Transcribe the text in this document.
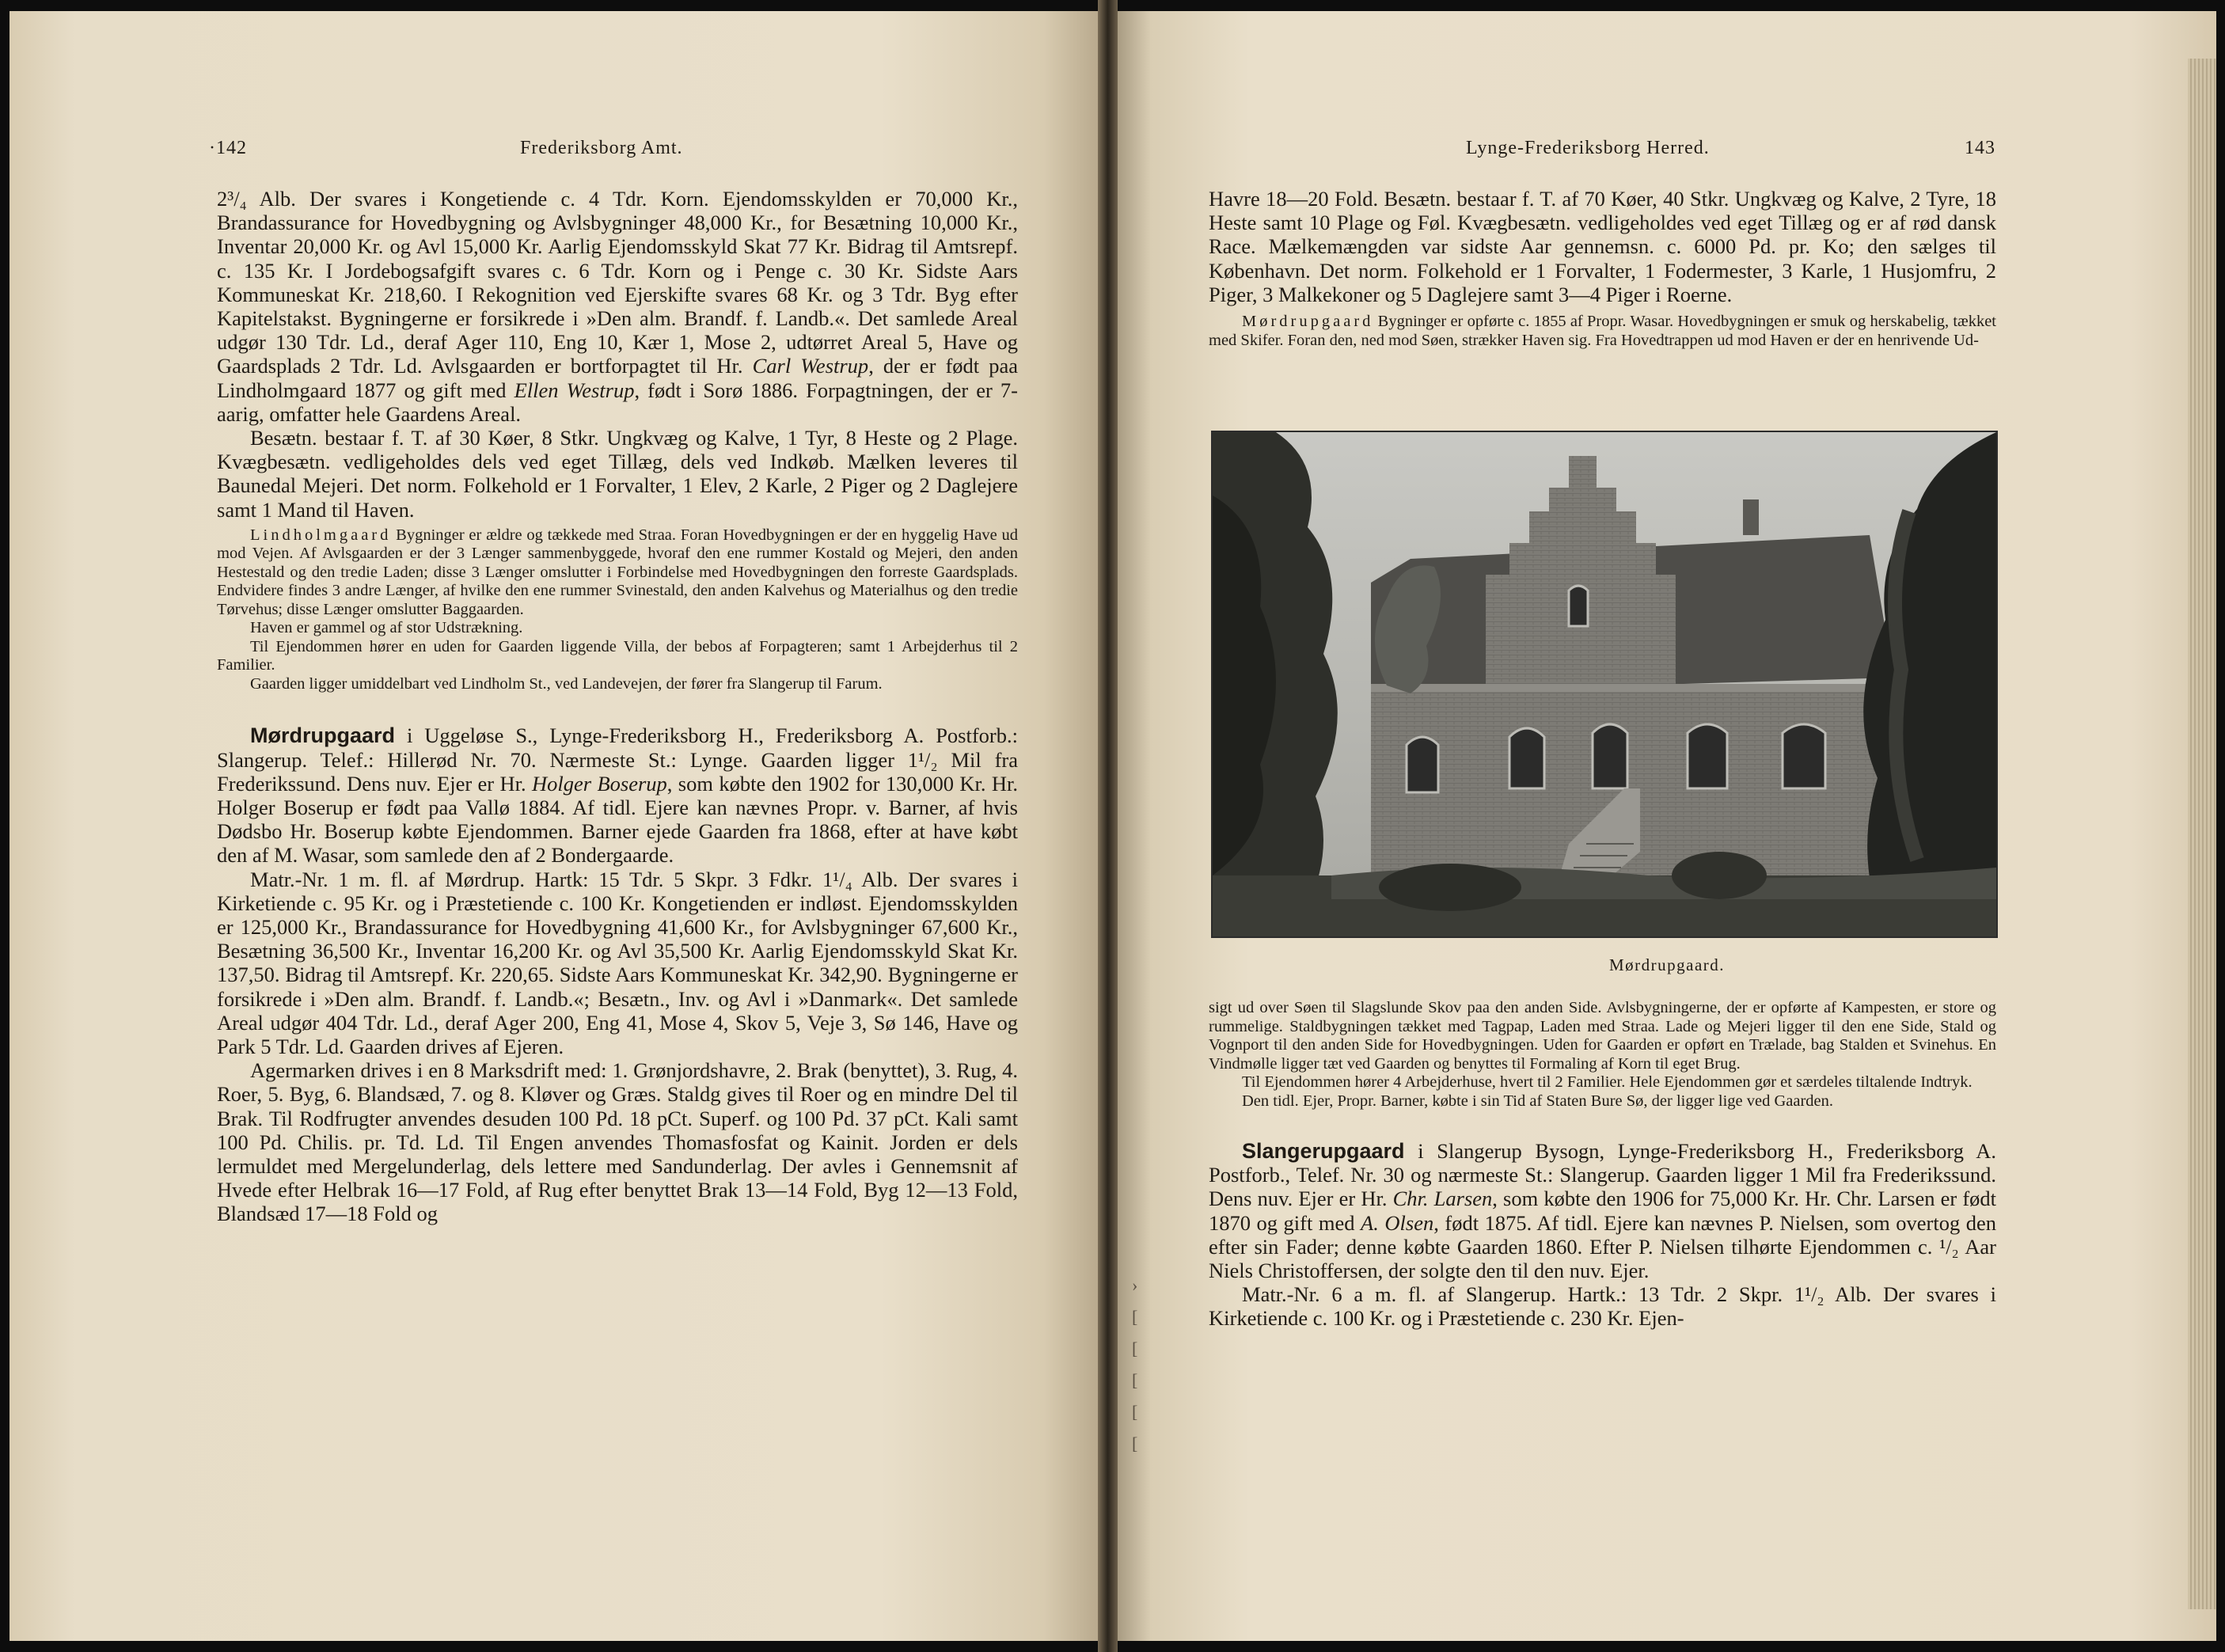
·142	Frederiksborg Amt.

2³/₄ Alb. Der svares i Kongetiende c. 4 Tdr. Korn. Ejendomsskylden er 70,000 Kr., Brandassurance for Hovedbygning og Avlsbygninger 48,000 Kr., for Besætning 10,000 Kr., Inventar 20,000 Kr. og Avl 15,000 Kr. Aarlig Ejendomsskyld Skat 77 Kr. Bidrag til Amtsrepf. c. 135 Kr. I Jordebogsafgift svares c. 6 Tdr. Korn og i Penge c. 30 Kr. Sidste Aars Kommuneskat Kr. 218,60. I Rekognition ved Ejerskifte svares 68 Kr. og 3 Tdr. Byg efter Kapitelstakst. Bygningerne er forsikrede i »Den alm. Brandf. f. Landb.«. Det samlede Areal udgør 130 Tdr. Ld., deraf Ager 110, Eng 10, Kær 1, Mose 2, udtørret Areal 5, Have og Gaardsplads 2 Tdr. Ld. Avlsgaarden er bortforpagtet til Hr. Carl Westrup, der er født paa Lindholmgaard 1877 og gift med Ellen Westrup, født i Sorø 1886. Forpagtningen, der er 7-aarig, omfatter hele Gaardens Areal.

Besætn. bestaar f. T. af 30 Køer, 8 Stkr. Ungkvæg og Kalve, 1 Tyr, 8 Heste og 2 Plage. Kvægbesætn. vedligeholdes dels ved eget Tillæg, dels ved Indkøb. Mælken leveres til Baunedal Mejeri. Det norm. Folkehold er 1 Forvalter, 1 Elev, 2 Karle, 2 Piger og 2 Daglejere samt 1 Mand til Haven.

Lindholmgaard Bygninger er ældre og tækkede med Straa. Foran Hovedbygningen er der en hyggelig Have ud mod Vejen. Af Avlsgaarden er der 3 Længer sammenbyggede, hvoraf den ene rummer Kostald og Mejeri, den anden Hestestald og den tredie Laden; disse 3 Længer omslutter i Forbindelse med Hovedbygningen den forreste Gaardsplads. Endvidere findes 3 andre Længer, af hvilke den ene rummer Svinestald, den anden Kalvehus og Materialhus og den tredie Tørvehus; disse Længer omslutter Baggaarden.

Haven er gammel og af stor Udstrækning.

Til Ejendommen hører en uden for Gaarden liggende Villa, der bebos af Forpagteren; samt 1 Arbejderhus til 2 Familier.

Gaarden ligger umiddelbart ved Lindholm St., ved Landevejen, der fører fra Slangerup til Farum.

Mørdrupgaard i Uggeløse S., Lynge-Frederiksborg H., Frederiksborg A. Postforb.: Slangerup. Telef.: Hillerød Nr. 70. Nærmeste St.: Lynge. Gaarden ligger 1¹/₂ Mil fra Frederikssund. Dens nuv. Ejer er Hr. Holger Boserup, som købte den 1902 for 130,000 Kr. Hr. Holger Boserup er født paa Vallø 1884. Af tidl. Ejere kan nævnes Propr. v. Barner, af hvis Dødsbo Hr. Boserup købte Ejendommen. Barner ejede Gaarden fra 1868, efter at have købt den af M. Wasar, som samlede den af 2 Bondergaarde.

Matr.-Nr. 1 m. fl. af Mørdrup. Hartk: 15 Tdr. 5 Skpr. 3 Fdkr. 1¹/₄ Alb. Der svares i Kirketiende c. 95 Kr. og i Præstetiende c. 100 Kr. Kongetienden er indløst. Ejendomsskylden er 125,000 Kr., Brandassurance for Hovedbygning 41,600 Kr., for Avlsbygninger 67,600 Kr., Besætning 36,500 Kr., Inventar 16,200 Kr. og Avl 35,500 Kr. Aarlig Ejendomsskyld Skat Kr. 137,50. Bidrag til Amtsrepf. Kr. 220,65. Sidste Aars Kommuneskat Kr. 342,90. Bygningerne er forsikrede i »Den alm. Brandf. f. Landb.«; Besætn., Inv. og Avl i »Danmark«. Det samlede Areal udgør 404 Tdr. Ld., deraf Ager 200, Eng 41, Mose 4, Skov 5, Veje 3, Sø 146, Have og Park 5 Tdr. Ld. Gaarden drives af Ejeren.

Agermarken drives i en 8 Marksdrift med: 1. Grønjordshavre, 2. Brak (benyttet), 3. Rug, 4. Roer, 5. Byg, 6. Blandsæd, 7. og 8. Kløver og Græs. Staldg gives til Roer og en mindre Del til Brak. Til Rodfrugter anvendes desuden 100 Pd. 18 pCt. Superf. og 100 Pd. 37 pCt. Kali samt 100 Pd. Chilis. pr. Td. Ld. Til Engen anvendes Thomasfosfat og Kainit. Jorden er dels lermuldet med Mergelunderlag, dels lettere med Sandunderlag. Der avles i Gennemsnit af Hvede efter Helbrak 16—17 Fold, af Rug efter benyttet Brak 13—14 Fold, Byg 12—13 Fold, Blandsæd 17—18 Fold og

Lynge-Frederiksborg Herred.	143

Havre 18—20 Fold. Besætn. bestaar f. T. af 70 Køer, 40 Stkr. Ungkvæg og Kalve, 2 Tyre, 18 Heste samt 10 Plage og Føl. Kvægbesætn. vedligeholdes ved eget Tillæg og er af rød dansk Race. Mælkemængden var sidste Aar gennemsn. c. 6000 Pd. pr. Ko; den sælges til København. Det norm. Folkehold er 1 Forvalter, 1 Fodermester, 3 Karle, 1 Husjomfru, 2 Piger, 3 Malkekoner og 5 Daglejere samt 3—4 Piger i Roerne.

Mørdrupgaard Bygninger er opførte c. 1855 af Propr. Wasar. Hovedbygningen er smuk og herskabelig, tækket med Skifer. Foran den, ned mod Søen, strækker Haven sig. Fra Hovedtrappen ud mod Haven er der en henrivende Ud-

Mørdrupgaard.

sigt ud over Søen til Slagslunde Skov paa den anden Side. Avlsbygningerne, der er opførte af Kampesten, er store og rummelige. Staldbygningen tækket med Tagpap, Laden med Straa. Lade og Mejeri ligger til den ene Side, Stald og Vognport til den anden Side for Hovedbygningen. Uden for Gaarden er opført en Trælade, bag Stalden et Svinehus. En Vindmølle ligger tæt ved Gaarden og benyttes til Formaling af Korn til eget Brug.

Til Ejendommen hører 4 Arbejderhuse, hvert til 2 Familier. Hele Ejendommen gør et særdeles tiltalende Indtryk.

Den tidl. Ejer, Propr. Barner, købte i sin Tid af Staten Bure Sø, der ligger lige ved Gaarden.

Slangerupgaard i Slangerup Bysogn, Lynge-Frederiksborg H., Frederiksborg A. Postforb., Telef. Nr. 30 og nærmeste St.: Slangerup. Gaarden ligger 1 Mil fra Frederikssund. Dens nuv. Ejer er Hr. Chr. Larsen, som købte den 1906 for 75,000 Kr. Hr. Chr. Larsen er født 1870 og gift med A. Olsen, født 1875. Af tidl. Ejere kan nævnes P. Nielsen, som overtog den efter sin Fader; denne købte Gaarden 1860. Efter P. Nielsen tilhørte Ejendommen c. ¹/₂ Aar Niels Christoffersen, der solgte den til den nuv. Ejer.

Matr.-Nr. 6 a m. fl. af Slangerup. Hartk.: 13 Tdr. 2 Skpr. 1¹/₂ Alb. Der svares i Kirketiende c. 100 Kr. og i Præstetiende c. 230 Kr. Ejen-

›
[
[
[
[
[
